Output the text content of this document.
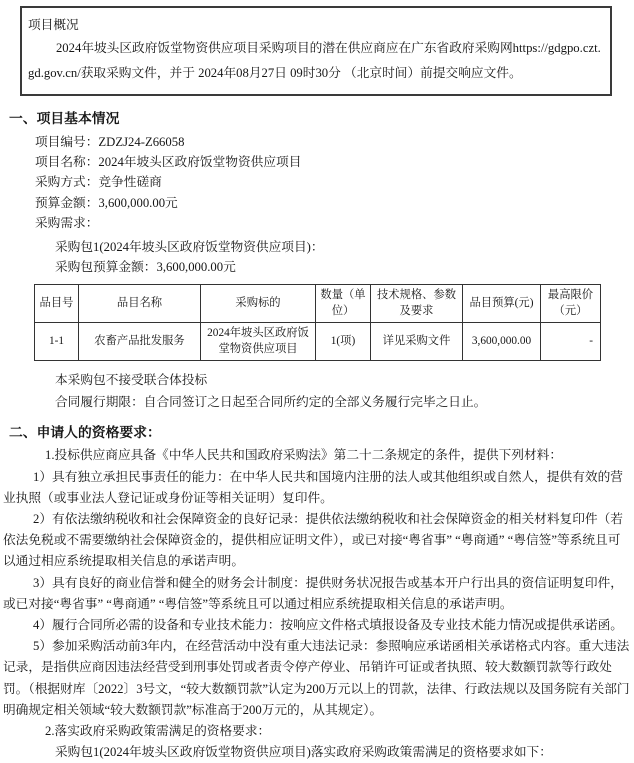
项目概况

2024年坡头区政府饭堂物资供应项目采购项目的潜在供应商应在广东省政府采购网https://gdgpo.czt.gd.gov.cn/获取采购文件，并于 2024年08月27日 09时30分 （北京时间）前提交响应文件。

一、项目基本情况
项目编号：ZDZJ24-Z66058
项目名称：2024年坡头区政府饭堂物资供应项目
采购方式：竞争性磋商
预算金额：3,600,000.00元
采购需求：
采购包1(2024年坡头区政府饭堂物资供应项目)：
采购包预算金额：3,600,000.00元
品目号	品目名称	采购标的	数量（单位）	技术规格、参数及要求	品目预算(元)	最高限价（元）
1-1	农畜产品批发服务	2024年坡头区政府饭堂物资供应项目	1(项)	详见采购文件	3,600,000.00	-
本采购包不接受联合体投标
合同履行期限：自合同签订之日起至合同所约定的全部义务履行完毕之日止。
二、申请人的资格要求：

1.投标供应商应具备《中华人民共和国政府采购法》第二十二条规定的条件，提供下列材料：

1）具有独立承担民事责任的能力：在中华人民共和国境内注册的法人或其他组织或自然人，提供有效的营业执照（或事业法人登记证或身份证等相关证明）复印件。

2）有依法缴纳税收和社会保障资金的良好记录：提供依法缴纳税收和社会保障资金的相关材料复印件（若依法免税或不需要缴纳社会保障资金的，提供相应证明文件），或已对接“粤省事” “粤商通” “粤信签”等系统且可以通过相应系统提取相关信息的承诺声明。

3）具有良好的商业信誉和健全的财务会计制度：提供财务状况报告或基本开户行出具的资信证明复印件，或已对接“粤省事” “粤商通” “粤信签”等系统且可以通过相应系统提取相关信息的承诺声明。

4）履行合同所必需的设备和专业技术能力：按响应文件格式填报设备及专业技术能力情况或提供承诺函。

5）参加采购活动前3年内，在经营活动中没有重大违法记录：参照响应承诺函相关承诺格式内容。重大违法记录，是指供应商因违法经营受到刑事处罚或者责令停产停业、吊销许可证或者执照、较大数额罚款等行政处罚。（根据财库〔2022〕3号文，“较大数额罚款”认定为200万元以上的罚款，法律、行政法规以及国务院有关部门明确规定相关领域“较大数额罚款”标准高于200万元的，从其规定）。

2.落实政府采购政策需满足的资格要求：

采购包1(2024年坡头区政府饭堂物资供应项目)落实政府采购政策需满足的资格要求如下：
